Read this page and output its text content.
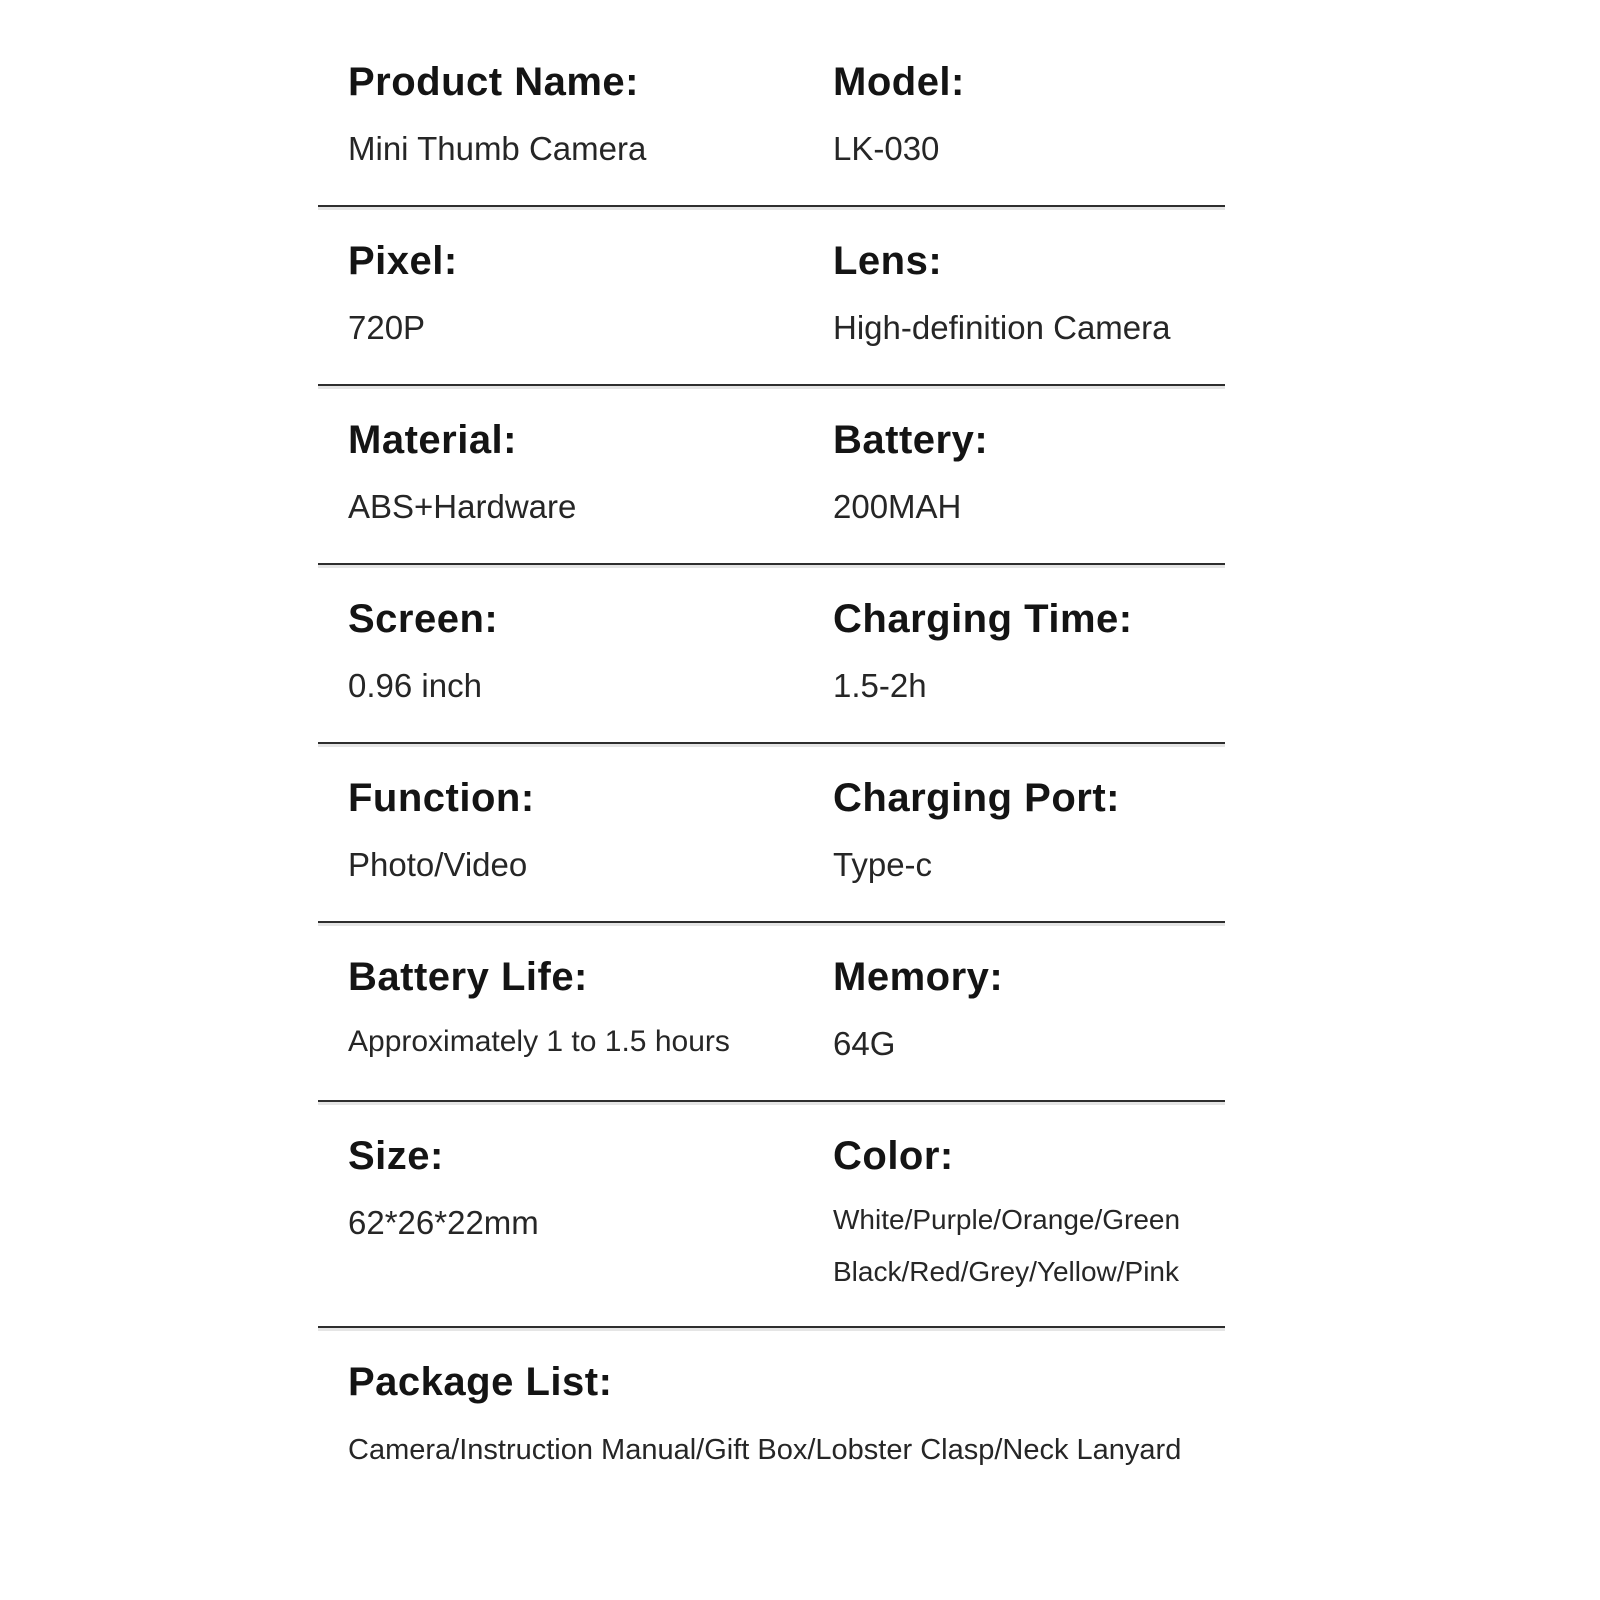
Product Name:
Mini Thumb Camera
Model:
LK-030
Pixel:
720P
Lens:
High-definition Camera
Material:
ABS+Hardware
Battery:
200MAH
Screen:
0.96 inch
Charging Time:
1.5-2h
Function:
Photo/Video
Charging Port:
Type-c
Battery Life:
Approximately 1 to 1.5 hours
Memory:
64G
Size:
62*26*22mm
Color:
White/Purple/Orange/Green
Black/Red/Grey/Yellow/Pink
Package List:
Camera/Instruction Manual/Gift Box/Lobster Clasp/Neck Lanyard
